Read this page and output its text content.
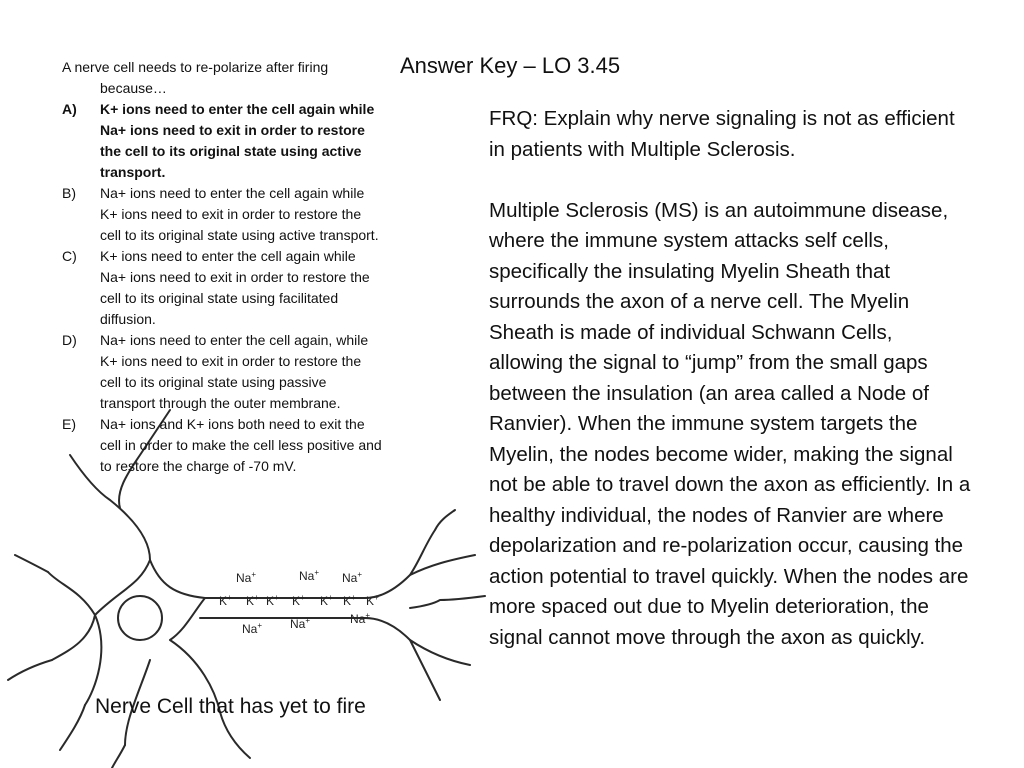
Na+	Na+ Na+
K+ K+ K+ K+ K+ K+ K+
Na+ Na+	Na+
A nerve cell needs to re-polarize after firing
because…
A)	K+ ions need to enter the cell again while Na+ ions need to exit in order to restore the cell to its original state using active transport.
B)	Na+ ions need to enter the cell again while K+ ions need to exit in order to restore the cell to its original state using active transport.
C)	K+ ions need to enter the cell again while Na+ ions need to exit in order to restore the cell to its original state using facilitated diffusion.
D)	Na+ ions need to enter the cell again, while K+ ions need to exit in order to restore the cell to its original state using passive transport through the outer membrane.
E)	Na+ ions and K+ ions both need to exit the cell in order to make the cell less positive and to restore the charge of -70 mV.
Answer Key – LO 3.45

FRQ: Explain why nerve signaling is not as efficient in patients with Multiple Sclerosis.

Multiple Sclerosis (MS) is an autoimmune disease, where the immune system attacks self cells, specifically the insulating Myelin Sheath that surrounds the axon of a nerve cell. The Myelin Sheath is made of individual Schwann Cells, allowing the signal to “jump” from the small gaps between the insulation (an area called a Node of Ranvier). When the immune system targets the Myelin, the nodes become wider, making the signal not be able to travel down the axon as efficiently. In a healthy individual, the nodes of Ranvier are where depolarization and re-polarization occur, causing the action potential to travel quickly. When the nodes are more spaced out due to Myelin deterioration, the signal cannot move through the axon as quickly.

Nerve Cell that has yet to fire
